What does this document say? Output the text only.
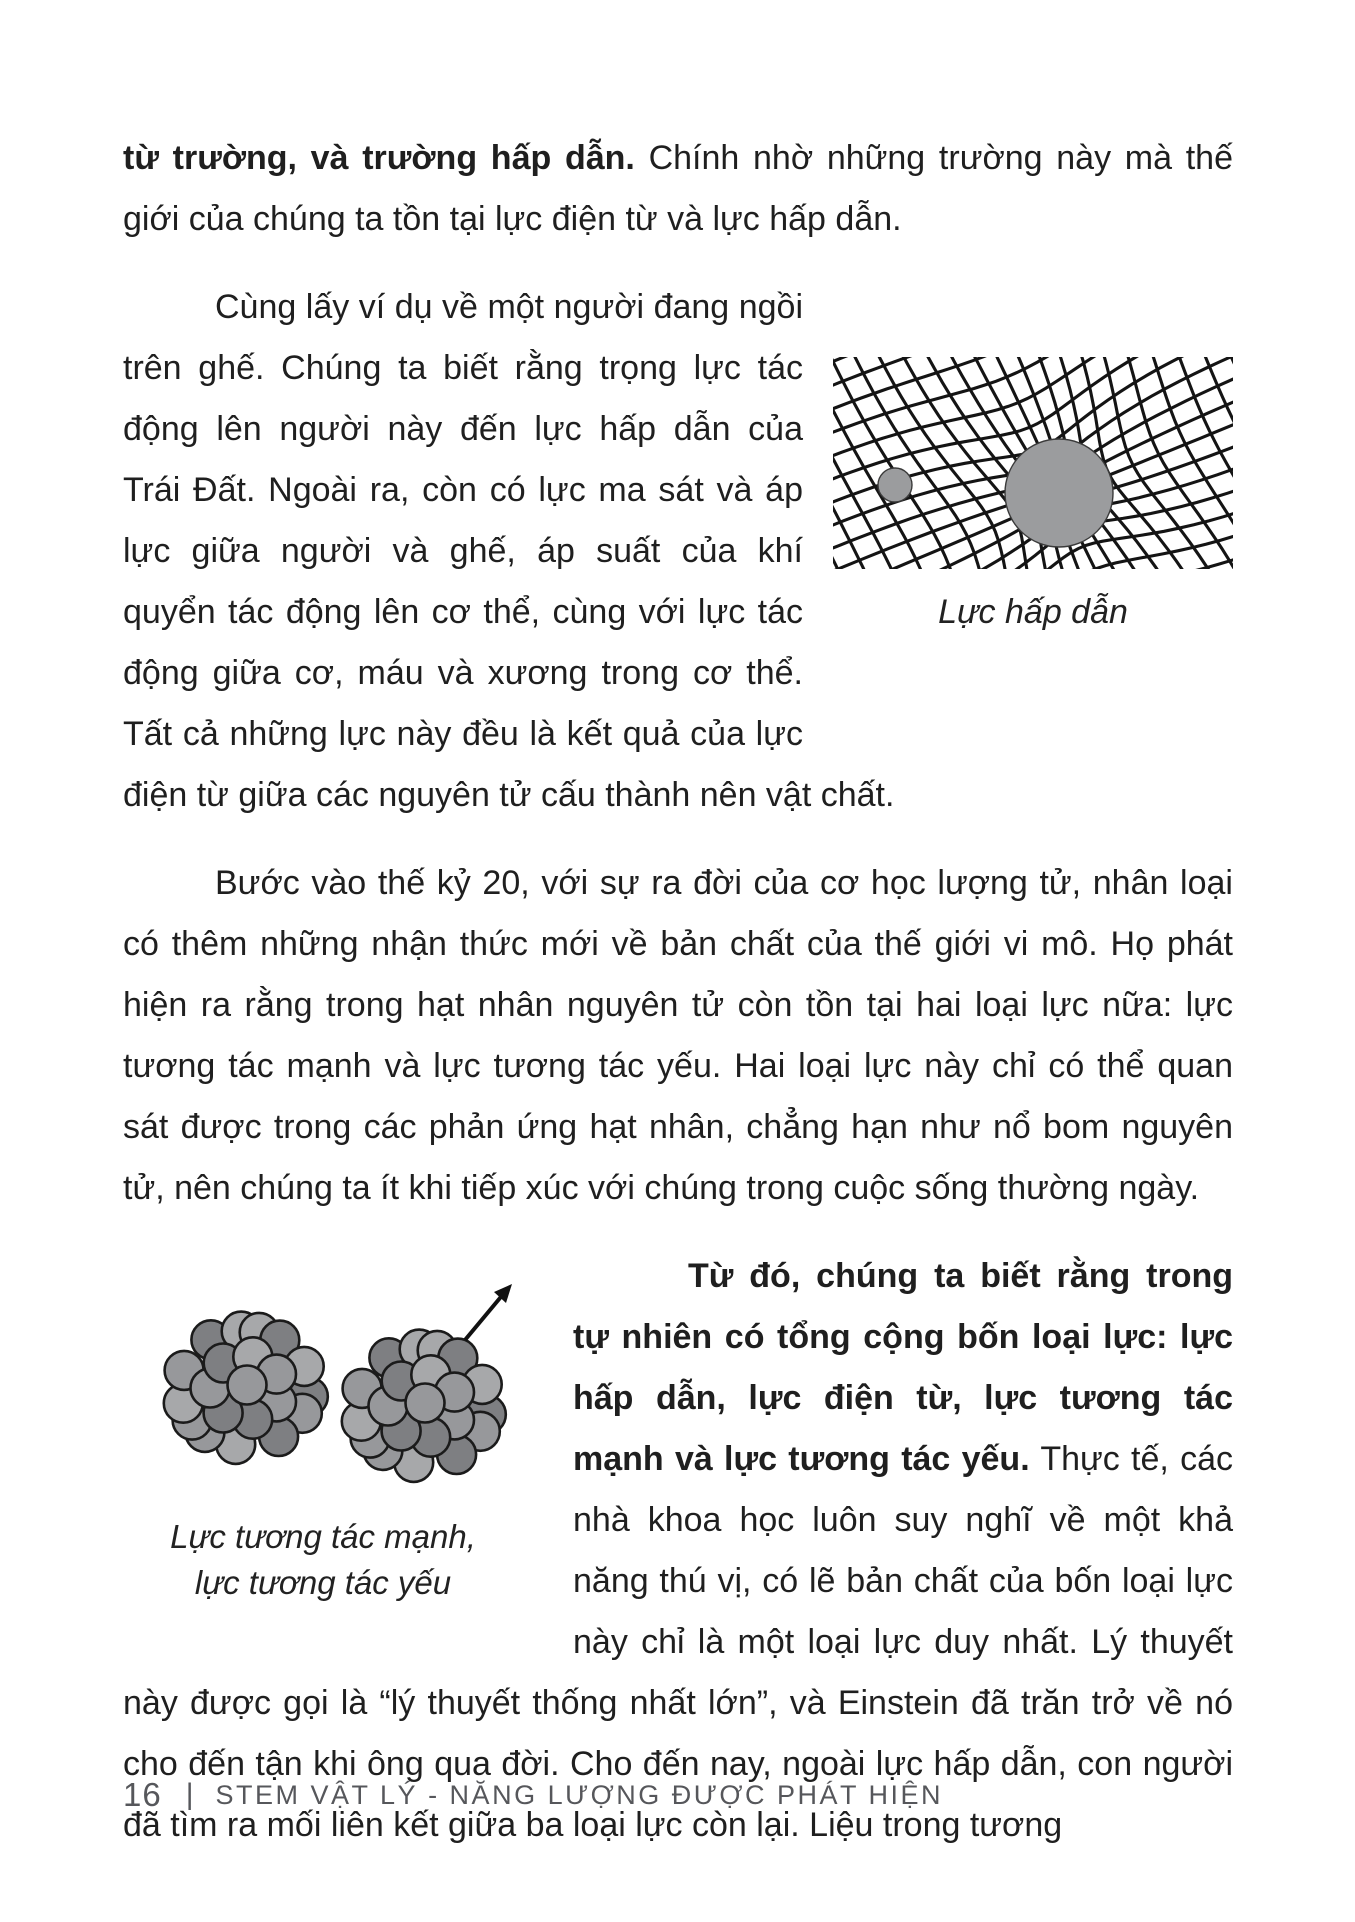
từ trường, và trường hấp dẫn. Chính nhờ những trường này mà thế giới của chúng ta tồn tại lực điện từ và lực hấp dẫn.

Lực hấp dẫn
Cùng lấy ví dụ về một người đang ngồi trên ghế. Chúng ta biết rằng trọng lực tác động lên người này đến lực hấp dẫn của Trái Đất. Ngoài ra, còn có lực ma sát và áp lực giữa người và ghế, áp suất của khí quyển tác động lên cơ thể, cùng với lực tác động giữa cơ, máu và xương trong cơ thể. Tất cả những lực này đều là kết quả của lực điện từ giữa các nguyên tử cấu thành nên vật chất.

Bước vào thế kỷ 20, với sự ra đời của cơ học lượng tử, nhân loại có thêm những nhận thức mới về bản chất của thế giới vi mô. Họ phát hiện ra rằng trong hạt nhân nguyên tử còn tồn tại hai loại lực nữa: lực tương tác mạnh và lực tương tác yếu. Hai loại lực này chỉ có thể quan sát được trong các phản ứng hạt nhân, chẳng hạn như nổ bom nguyên tử, nên chúng ta ít khi tiếp xúc với chúng trong cuộc sống thường ngày.

Lực tương tác mạnh,
lực tương tác yếu
Từ đó, chúng ta biết rằng trong tự nhiên có tổng cộng bốn loại lực: lực hấp dẫn, lực điện từ, lực tương tác mạnh và lực tương tác yếu. Thực tế, các nhà khoa học luôn suy nghĩ về một khả năng thú vị, có lẽ bản chất của bốn loại lực này chỉ là một loại lực duy nhất. Lý thuyết này được gọi là “lý thuyết thống nhất lớn”, và Einstein đã trăn trở về nó cho đến tận khi ông qua đời. Cho đến nay, ngoài lực hấp dẫn, con người đã tìm ra mối liên kết giữa ba loại lực còn lại. Liệu trong tương
16 | STEM VẬT LÝ - NĂNG LƯỢNG ĐƯỢC PHÁT HIỆN
